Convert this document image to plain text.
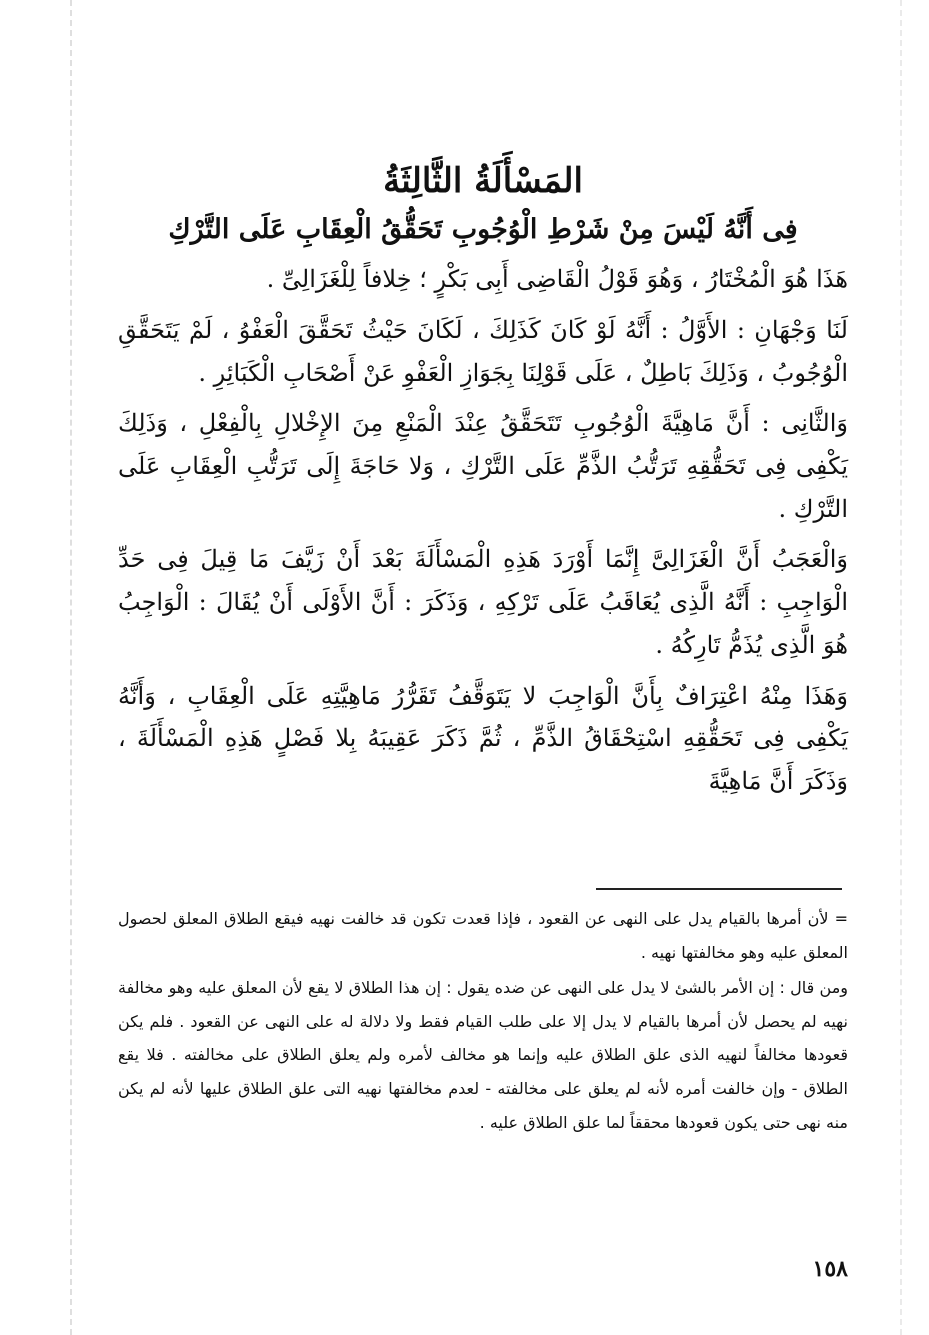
المَسْأَلَةُ الثَّالِثَةُ
فِى أَنَّهُ لَيْسَ مِنْ شَرْطِ الْوُجُوبِ تَحَقُّقُ الْعِقَابِ عَلَى التَّرْكِ

هَذَا هُوَ الْمُخْتَارُ ، وَهُوَ قَوْلُ الْقَاضِى أَبِى بَكْرٍ ؛ خِلافاً لِلْغَزَالِىِّ .

لَنَا وَجْهَانِ : الأَوَّلُ : أَنَّهُ لَوْ كَانَ كَذَلِكَ ، لَكَانَ حَيْثُ تَحَقَّقَ الْعَفْوُ ، لَمْ يَتَحَقَّقِ الْوُجُوبُ ، وَذَلِكَ بَاطِلٌ ، عَلَى قَوْلِنَا بِجَوَازِ الْعَفْوِ عَنْ أَصْحَابِ الْكَبَائِرِ .

وَالثَّانِى : أَنَّ مَاهِيَّةَ الْوُجُوبِ تَتَحَقَّقُ عِنْدَ الْمَنْعِ مِنَ الإِخْلالِ بِالْفِعْلِ ، وَذَلِكَ يَكْفِى فِى تَحَقُّقِهِ تَرَتُّبُ الذَّمِّ عَلَى التَّرْكِ ، وَلا حَاجَةَ إِلَى تَرَتُّبِ الْعِقَابِ عَلَى التَّرْكِ .

وَالْعَجَبُ أَنَّ الْغَزَالِىَّ إِنَّمَا أَوْرَدَ هَذِهِ الْمَسْأَلَةَ بَعْدَ أَنْ زَيَّفَ مَا قِيلَ فِى حَدِّ الْوَاجِبِ : أَنَّهُ الَّذِى يُعَاقَبُ عَلَى تَرْكِهِ ، وَذَكَرَ : أَنَّ الأَوْلَى أَنْ يُقَالَ : الْوَاجِبُ هُوَ الَّذِى يُذَمُّ تَارِكُهُ .

وَهَذَا مِنْهُ اعْتِرَافٌ بِأَنَّ الْوَاجِبَ لا يَتَوَقَّفُ تَقَرُّرُ مَاهِيَّتِهِ عَلَى الْعِقَابِ ، وَأَنَّهُ يَكْفِى فِى تَحَقُّقِهِ اسْتِحْقَاقُ الذَّمِّ ، ثُمَّ ذَكَرَ عَقِيبَهُ بِلا فَصْلٍ هَذِهِ الْمَسْأَلَةَ ، وَذَكَرَ أَنَّ مَاهِيَّةَ

= لأن أمرها بالقيام يدل على النهى عن القعود ، فإذا قعدت تكون قد خالفت نهيه فيقع الطلاق المعلق لحصول المعلق عليه وهو مخالفتها نهيه .

ومن قال : إن الأمر بالشئ لا يدل على النهى عن ضده يقول : إن هذا الطلاق لا يقع لأن المعلق عليه وهو مخالفة نهيه لم يحصل لأن أمرها بالقيام لا يدل إلا على طلب القيام فقط ولا دلالة له على النهى عن القعود . فلم يكن قعودها مخالفاً لنهيه الذى علق الطلاق عليه وإنما هو مخالف لأمره ولم يعلق الطلاق على مخالفته . فلا يقع الطلاق - وإن خالفت أمره لأنه لم يعلق على مخالفته - لعدم مخالفتها نهيه التى علق الطلاق عليها لأنه لم يكن منه نهى حتى يكون قعودها محققاً لما علق الطلاق عليه .

١٥٨
